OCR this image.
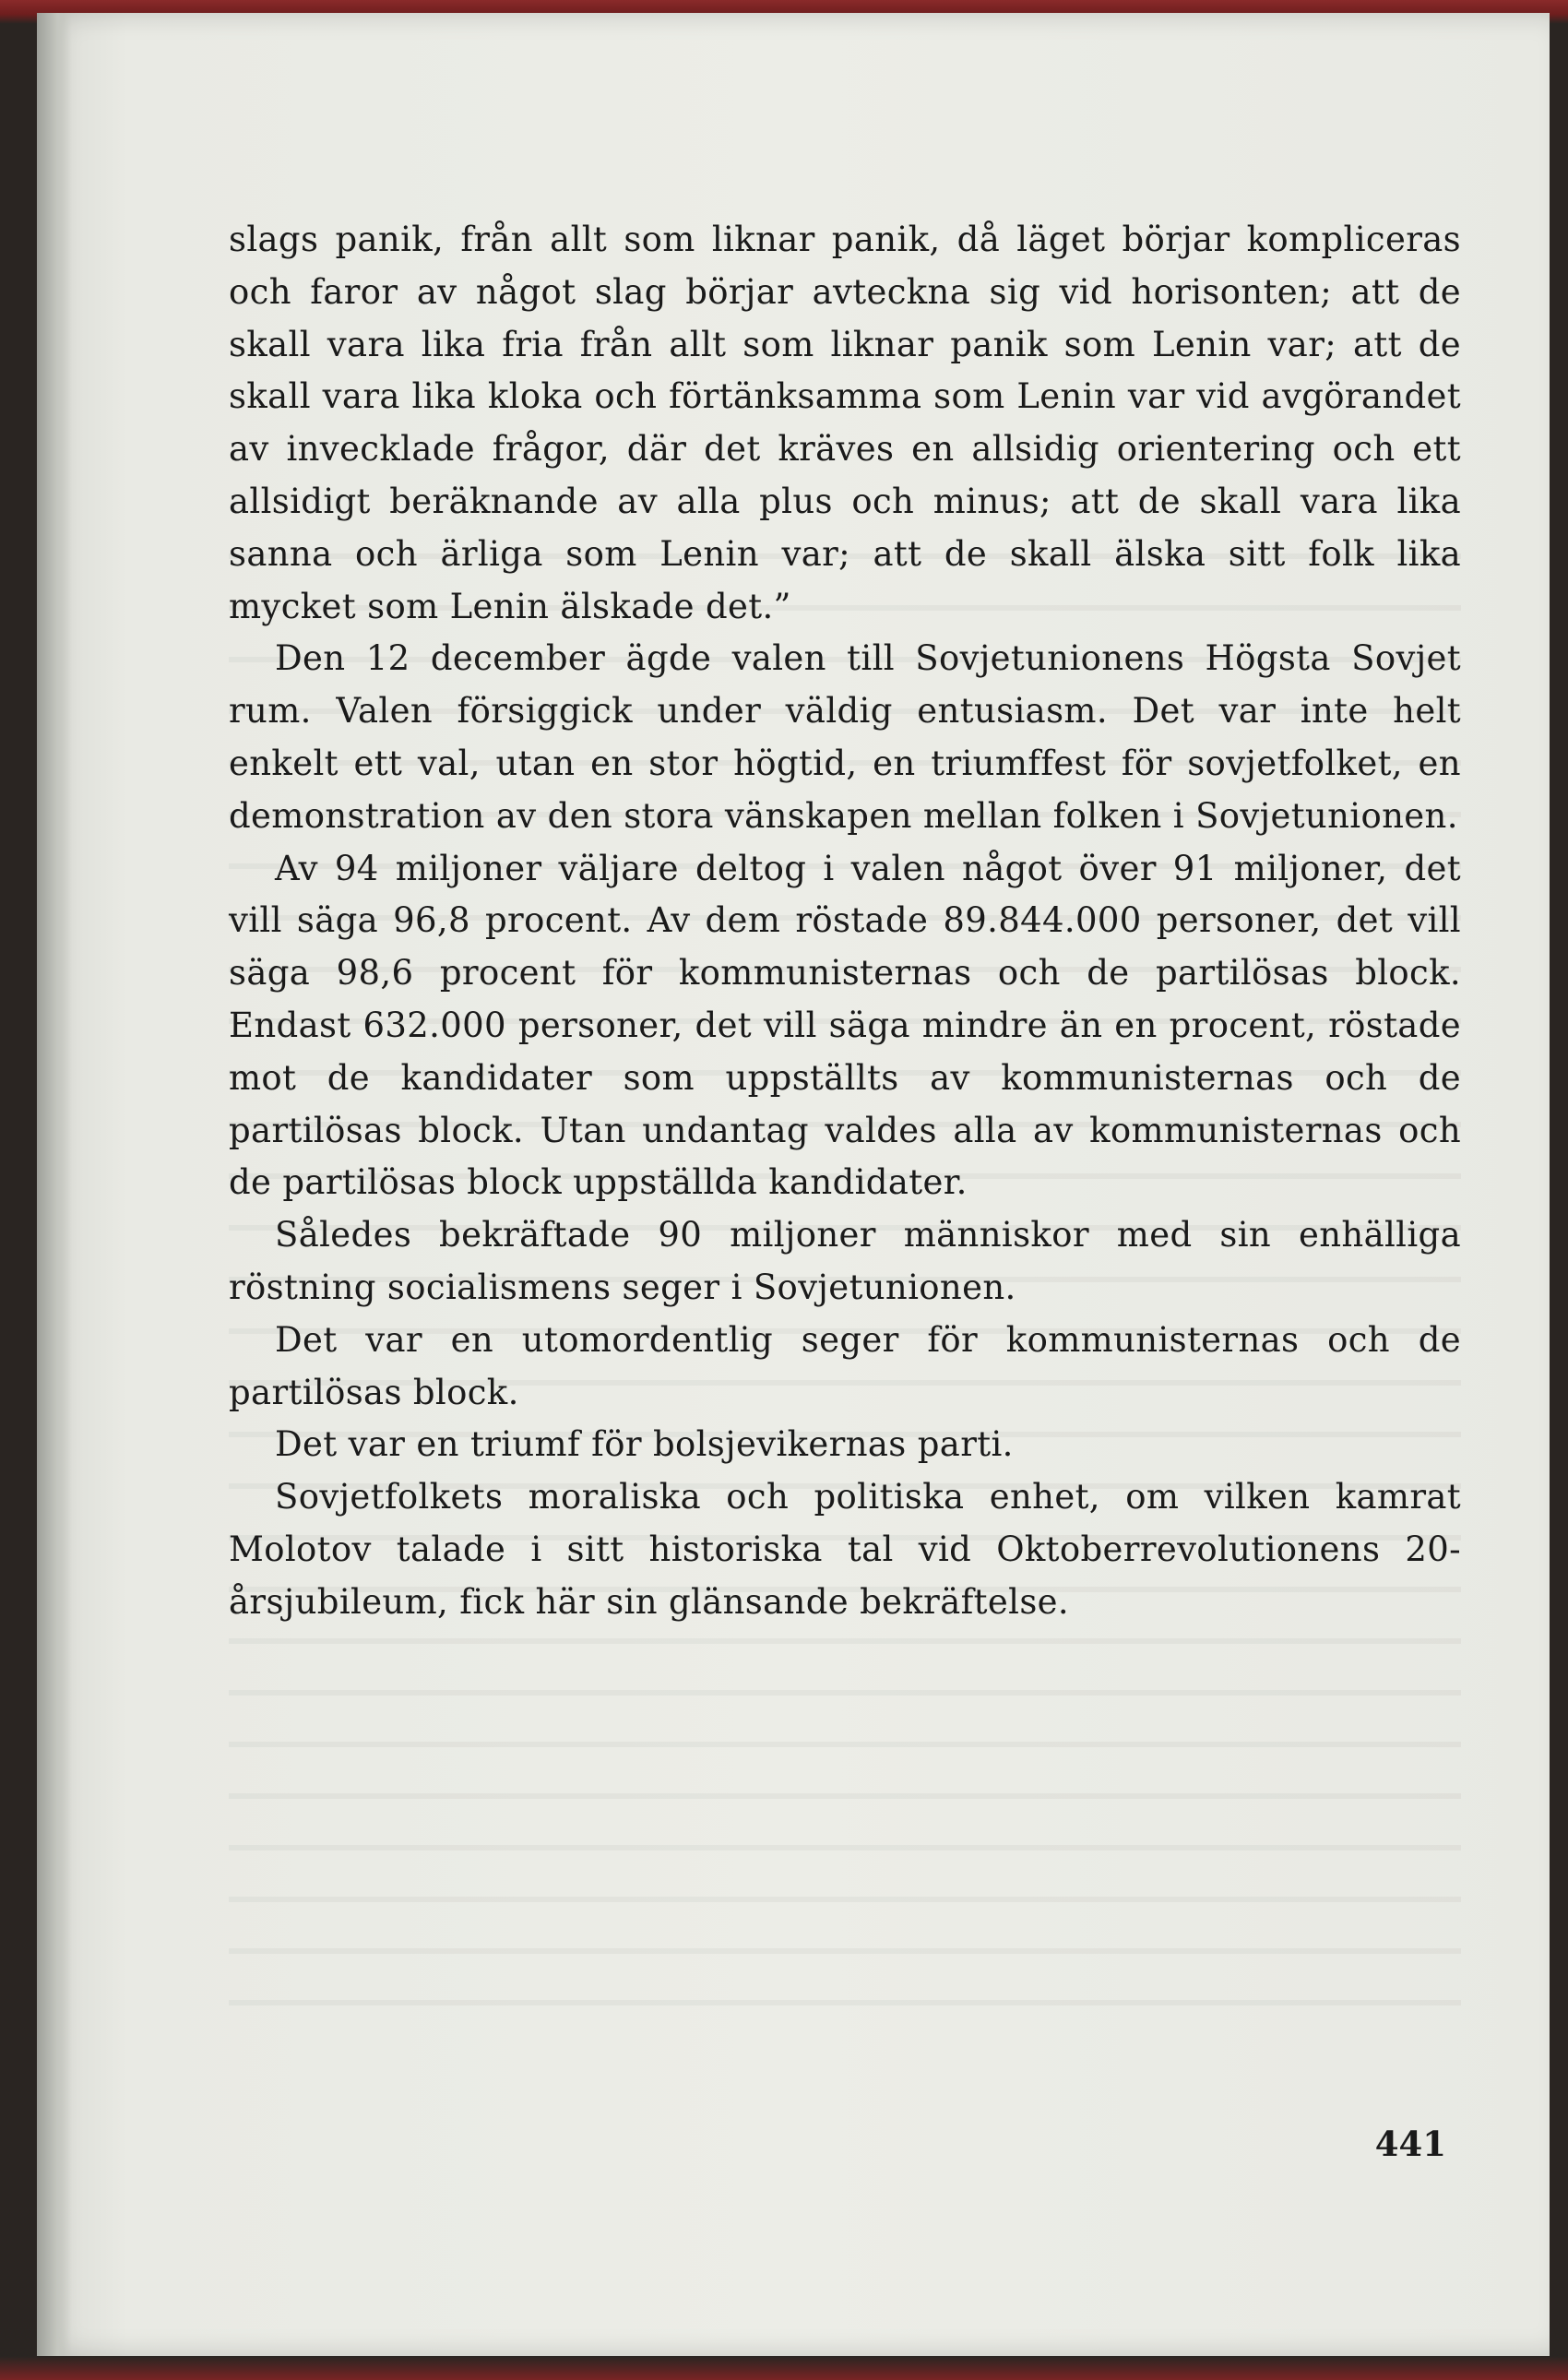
slags panik, från allt som liknar panik, då läget börjar kompliceras och faror av något slag börjar avteckna sig vid horisonten; att de skall vara lika fria från allt som liknar panik som Lenin var; att de skall vara lika kloka och förtänksamma som Lenin var vid avgörandet av invecklade frågor, där det kräves en allsidig orientering och ett allsidigt beräknande av alla plus och minus; att de skall vara lika sanna och ärliga som Lenin var; att de skall älska sitt folk lika mycket som Lenin älskade det.”

Den 12 december ägde valen till Sovjetunionens Högsta Sovjet rum. Valen försiggick under väldig entusiasm. Det var inte helt enkelt ett val, utan en stor högtid, en triumffest för sovjetfolket, en demonstration av den stora vänskapen mellan folken i Sovjetunionen.

Av 94 miljoner väljare deltog i valen något över 91 miljoner, det vill säga 96,8 procent. Av dem röstade 89.844.000 personer, det vill säga 98,6 procent för kommunisternas och de partilösas block. Endast 632.000 personer, det vill säga mindre än en procent, röstade mot de kandidater som uppställts av kommunisternas och de partilösas block. Utan undantag valdes alla av kommunisternas och de partilösas block uppställda kandidater.

Således bekräftade 90 miljoner människor med sin enhälliga röstning socialismens seger i Sovjetunionen.

Det var en utomordentlig seger för kommunisternas och de partilösas block.

Det var en triumf för bolsjevikernas parti.

Sovjetfolkets moraliska och politiska enhet, om vilken kamrat Molotov talade i sitt historiska tal vid Oktoberrevolutionens 20-årsjubileum, fick här sin glänsande bekräftelse.

441
